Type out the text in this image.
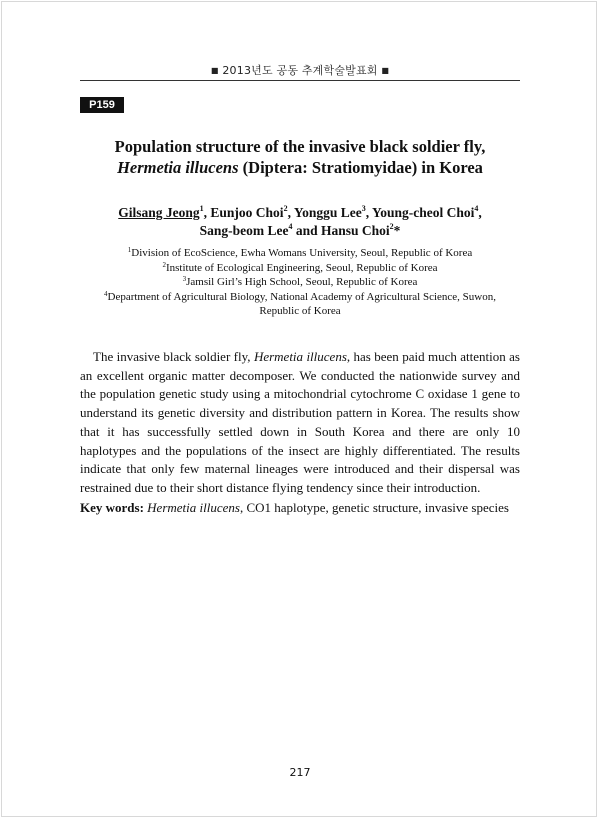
■ 2013년도 공동 추계학술발표회 ■
P159
Population structure of the invasive black soldier fly,
Hermetia illucens (Diptera: Stratiomyidae) in Korea
Gilsang Jeong$^1$, Eunjoo Choi$^2$, Yonggu Lee$^3$, Young-cheol Choi$^4$,
Sang-beom Lee$^4$ and Hansu Choi$^2$*
$^1$Division of EcoScience, Ewha Womans University, Seoul, Republic of Korea
$^2$Institute of Ecological Engineering, Seoul, Republic of Korea
$^3$Jamsil Girl’s High School, Seoul, Republic of Korea
$^4$Department of Agricultural Biology, National Academy of Agricultural Science, Suwon,
Republic of Korea
The invasive black soldier fly, Hermetia illucens, has been paid much attention as an excellent organic matter decomposer. We conducted the nationwide survey and the population genetic study using a mitochondrial cytochrome C oxidase 1 gene to understand its genetic diversity and distribution pattern in Korea. The results show that it has successfully settled down in South Korea and there are only 10 haplotypes and the populations of the insect are highly differentiated. The results indicate that only few maternal lineages were introduced and their dispersal was restrained due to their short distance flying tendency since their introduction.
Key words: Hermetia illucens, CO1 haplotype, genetic structure, invasive species
217
